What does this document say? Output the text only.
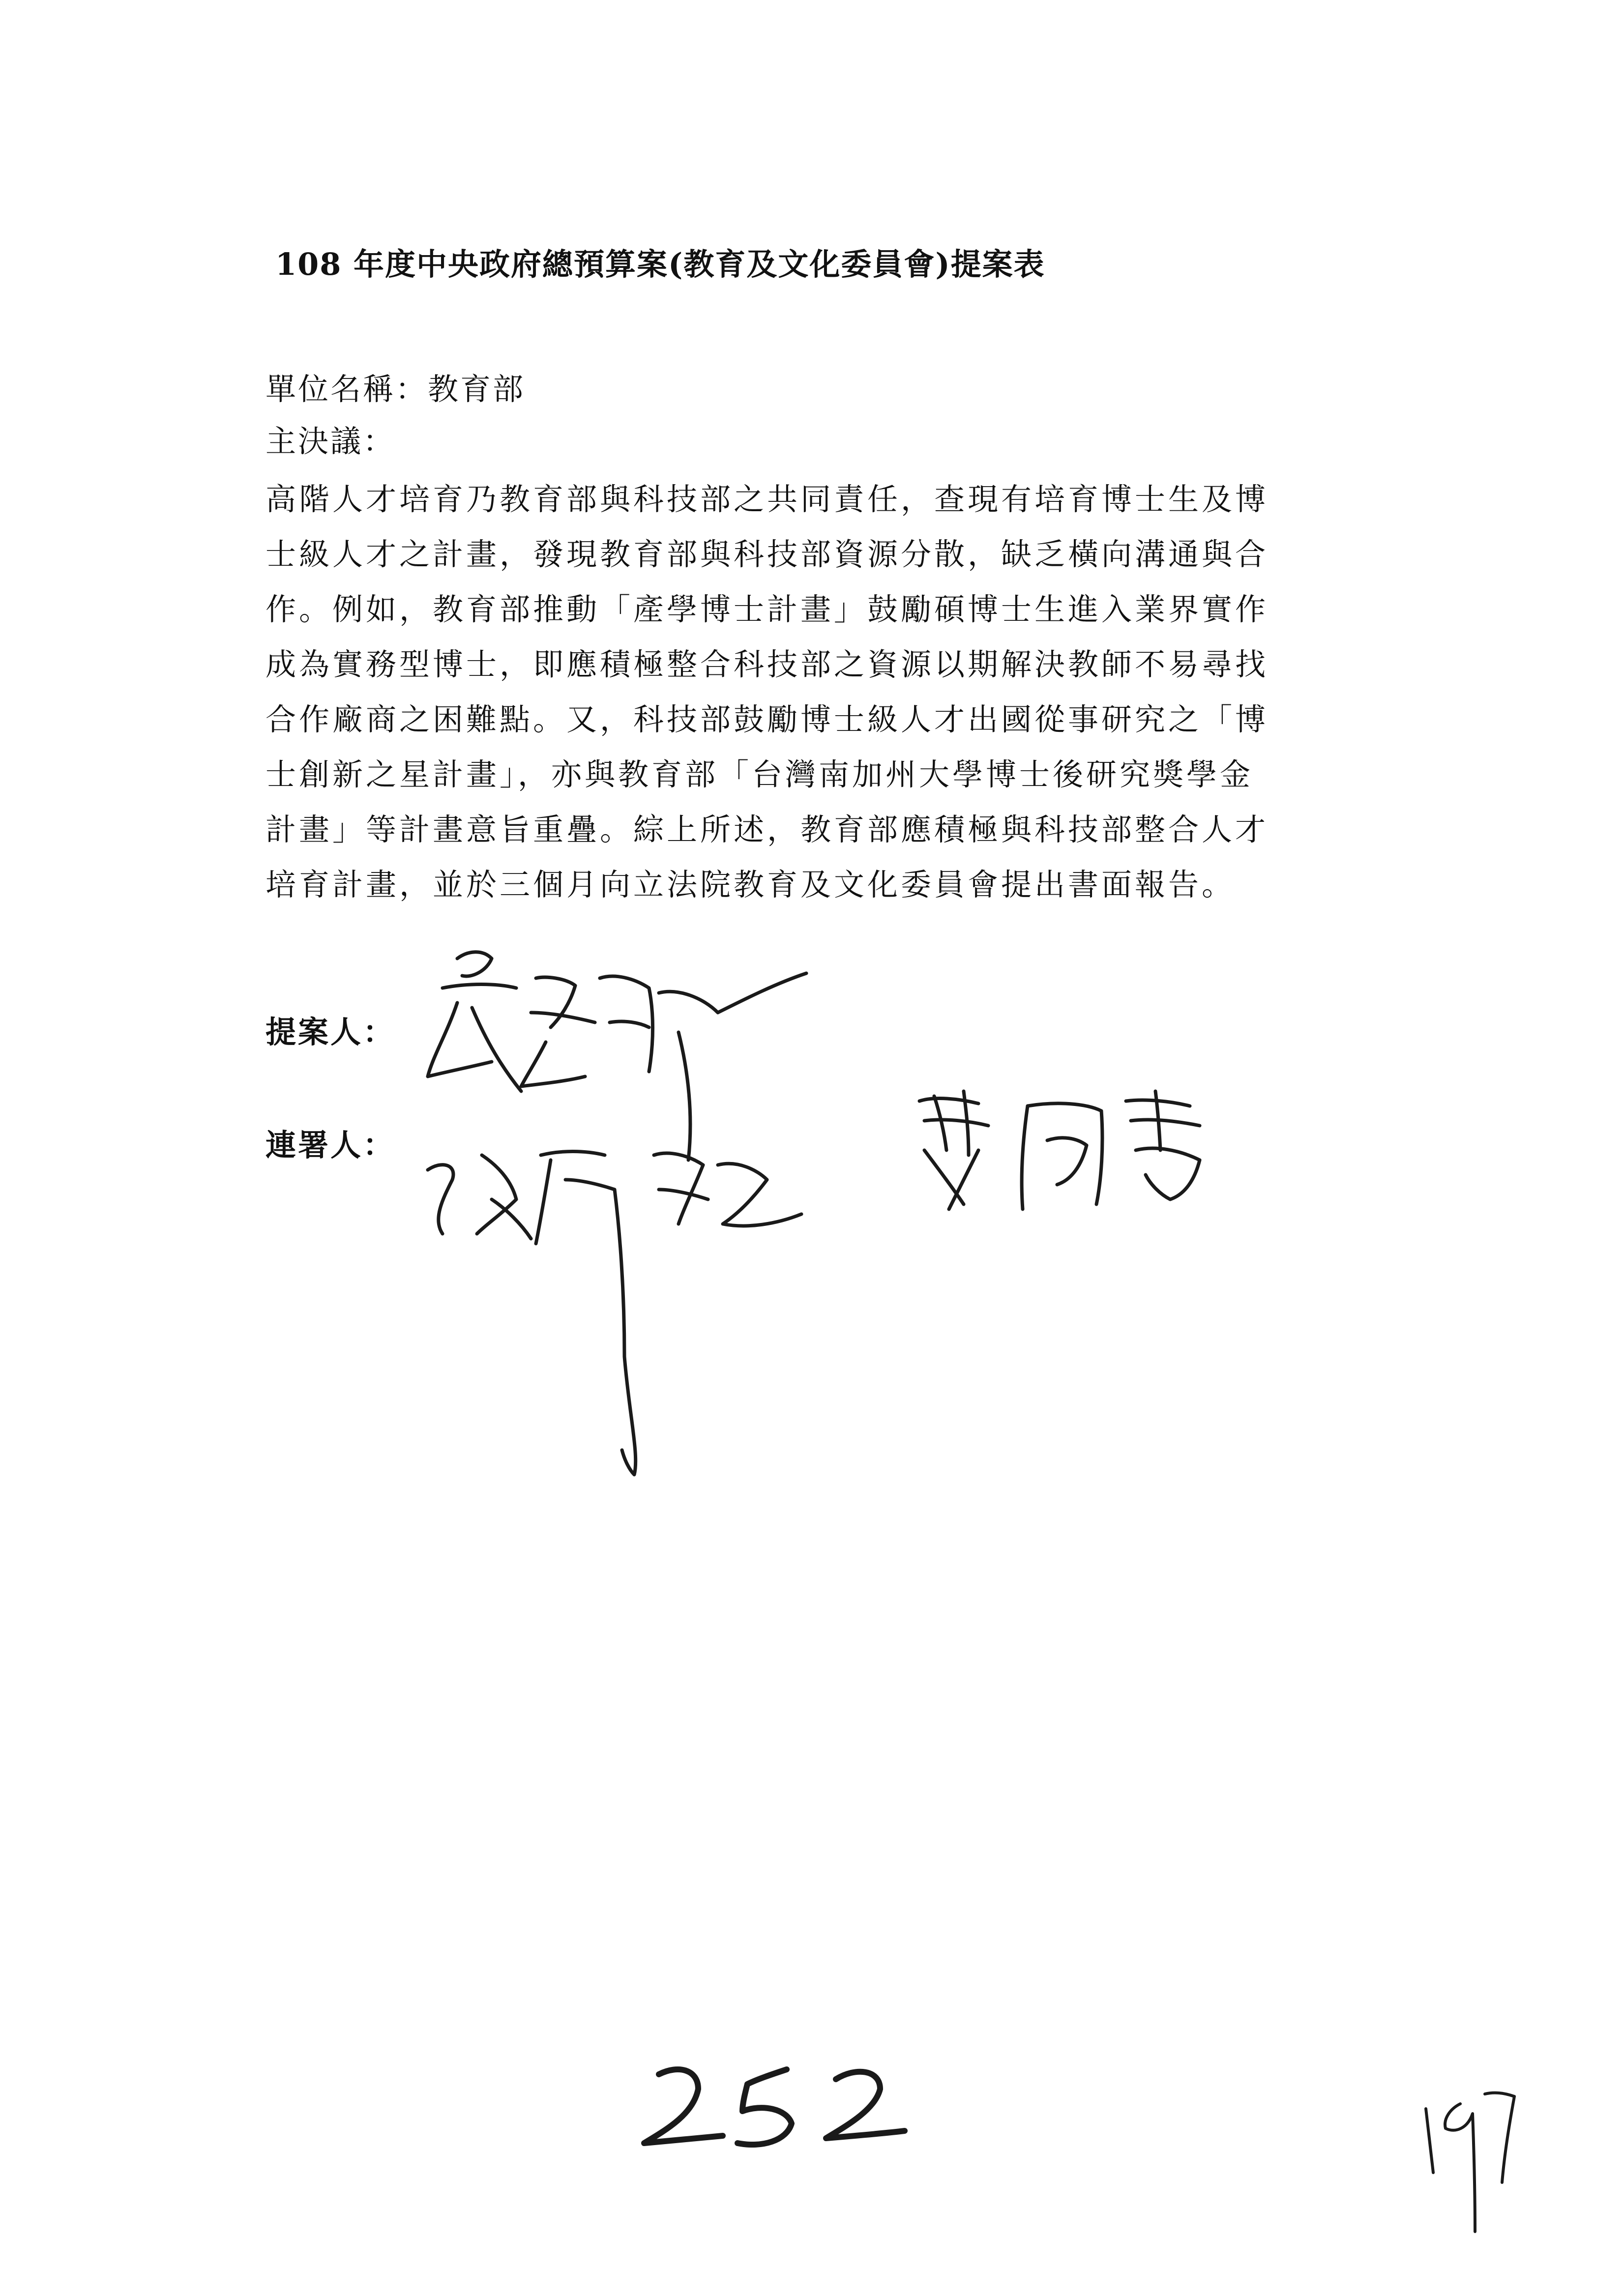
108 年度中央政府總預算案(教育及文化委員會)提案表
單位名稱：教育部
主決議：
高階人才培育乃教育部與科技部之共同責任，查現有培育博士生及博
士級人才之計畫，發現教育部與科技部資源分散，缺乏橫向溝通與合
作。例如，教育部推動「產學博士計畫」鼓勵碩博士生進入業界實作
成為實務型博士，即應積極整合科技部之資源以期解決教師不易尋找
合作廠商之困難點。又，科技部鼓勵博士級人才出國從事研究之「博
士創新之星計畫」，亦與教育部「台灣南加州大學博士後研究獎學金
計畫」等計畫意旨重疊。綜上所述，教育部應積極與科技部整合人才
培育計畫，並於三個月向立法院教育及文化委員會提出書面報告。
提案人：
連署人：
